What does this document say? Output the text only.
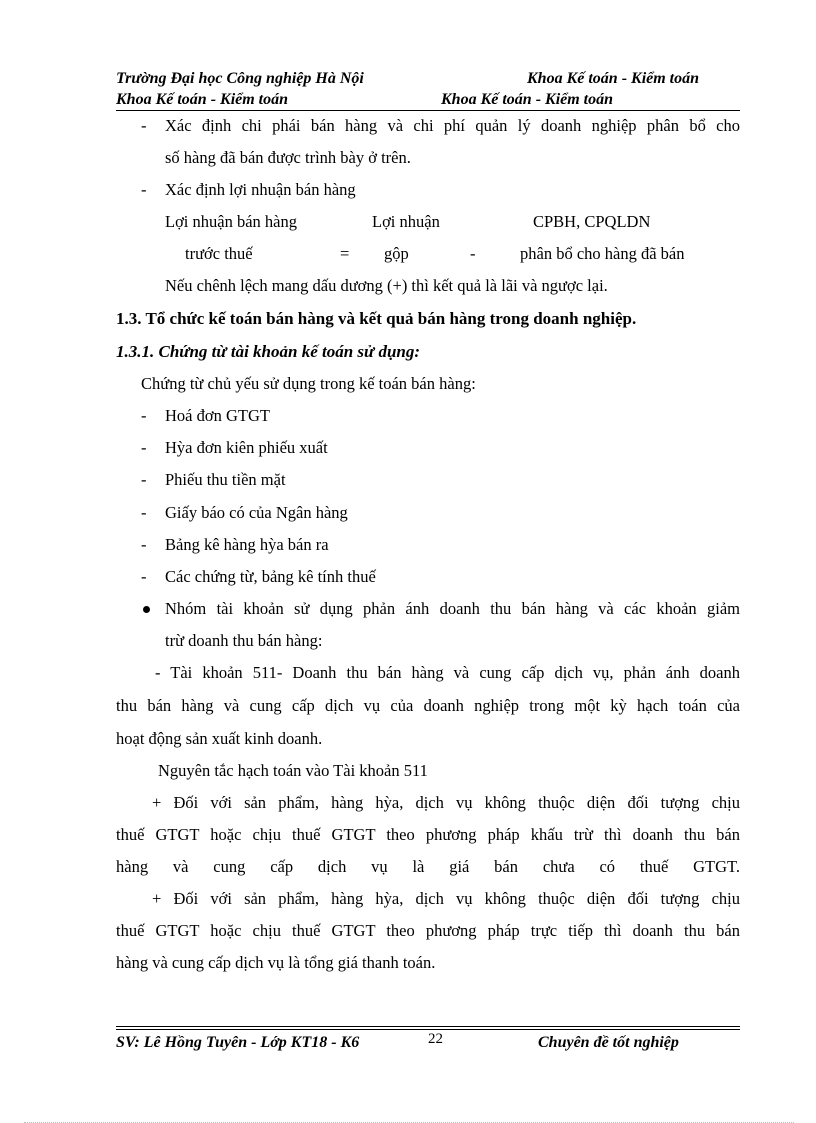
Trường Đại học Công nghiệp Hà Nội	Khoa Kế toán - Kiểm toán
Khoa Kế toán - Kiểm toán	Khoa Kế toán - Kiểm toán
- Xác định chi phái bán hàng và chi phí quản lý doanh nghiệp phân bổ cho
số hàng đã bán được trình bày ở trên.
- Xác định lợi nhuận bán hàng
Lợi nhuận bán hàng	Lợi nhuận	CPBH, CPQLDN
trước thuế	= gộp	-	phân bổ cho hàng đã bán
Nếu chênh lệch mang dấu dương (+) thì kết quả là lãi và ngược lại.
1.3. Tổ chức kế toán bán hàng và kết quả bán hàng trong doanh nghiệp.
1.3.1. Chứng từ tài khoản kế toán sử dụng:
Chứng từ chủ yếu sử dụng trong kế toán bán hàng:
- Hoá đơn GTGT
- Hỳa đơn kiên phiếu xuất
- Phiếu thu tiền mặt
- Giấy báo có của Ngân hàng
- Bảng kê hàng hỳa bán ra
- Các chứng từ, bảng kê tính thuế
Nhóm tài khoản sử dụng phản ánh doanh thu bán hàng và các khoản giảm
trừ doanh thu bán hàng:
- Tài khoản 511- Doanh thu bán hàng và cung cấp dịch vụ, phản ánh doanh
thu bán hàng và cung cấp dịch vụ của doanh nghiệp trong một kỳ hạch toán của
hoạt động sản xuất kinh doanh.
Nguyên tắc hạch toán vào Tài khoản 511
+ Đối với sản phẩm, hàng hỳa, dịch vụ không thuộc diện đối tượng chịu
thuế GTGT hoặc chịu thuế GTGT theo phương pháp khấu trừ thì doanh thu bán
hàng và cung cấp dịch vụ là giá bán chưa có thuế GTGT.
+ Đối với sản phẩm, hàng hỳa, dịch vụ không thuộc diện đối tượng chịu
thuế GTGT hoặc chịu thuế GTGT theo phương pháp trực tiếp thì doanh thu bán
hàng và cung cấp dịch vụ là tổng giá thanh toán.
SV: Lê Hồng Tuyên - Lớp KT18 - K6	22	Chuyên đề tốt nghiệp
